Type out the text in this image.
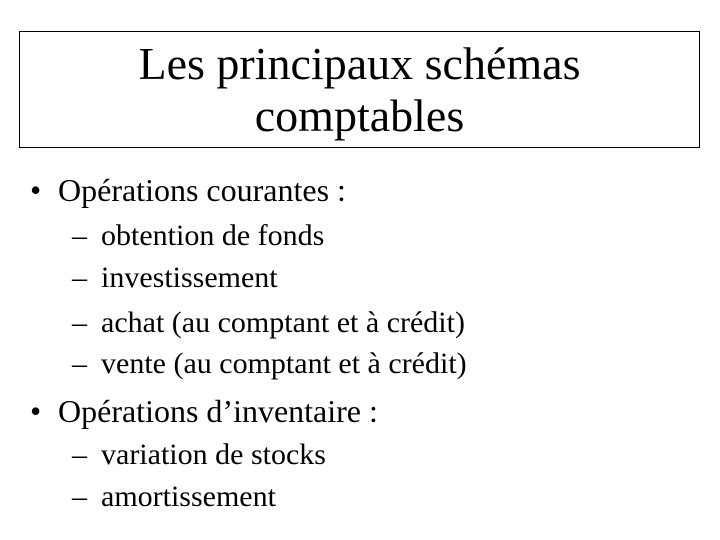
Les principaux schémas
comptables
• Opérations courantes :
– obtention de fonds
– investissement
– achat (au comptant et à crédit)
– vente (au comptant et à crédit)
• Opérations d’inventaire :
– variation de stocks
– amortissement
